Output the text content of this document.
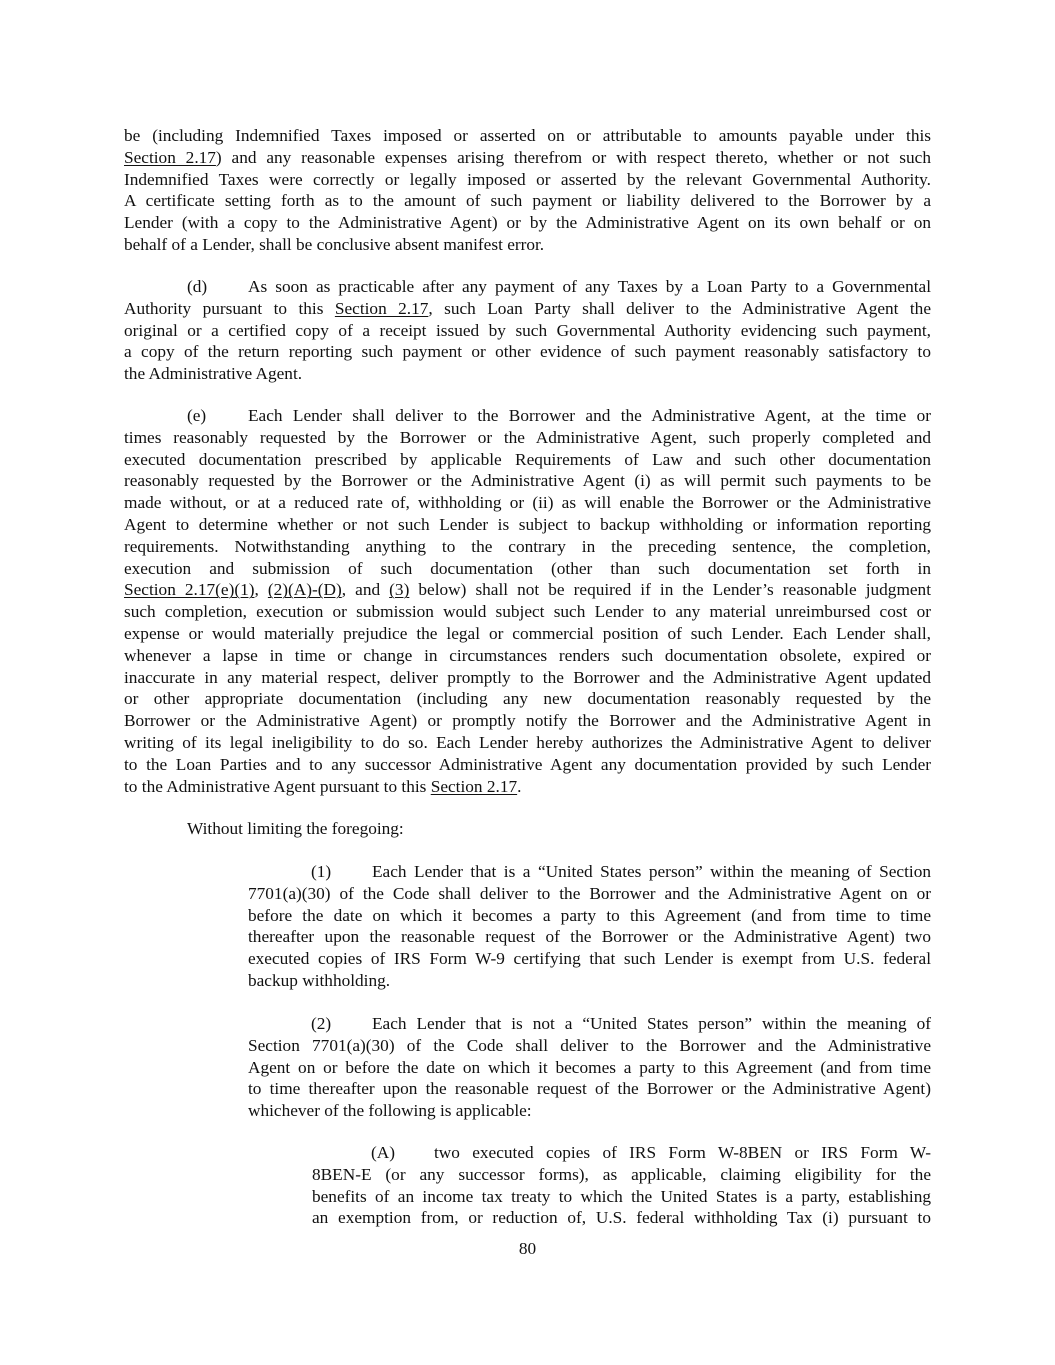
be (including Indemnified Taxes imposed or asserted on or attributable to amounts payable under this
Section 2.17) and any reasonable expenses arising therefrom or with respect thereto, whether or not such
Indemnified Taxes were correctly or legally imposed or asserted by the relevant Governmental Authority.
A certificate setting forth as to the amount of such payment or liability delivered to the Borrower by a
Lender (with a copy to the Administrative Agent) or by the Administrative Agent on its own behalf or on
behalf of a Lender, shall be conclusive absent manifest error.
(d) As soon as practicable after any payment of any Taxes by a Loan Party to a Governmental
Authority pursuant to this Section 2.17, such Loan Party shall deliver to the Administrative Agent the
original or a certified copy of a receipt issued by such Governmental Authority evidencing such payment,
a copy of the return reporting such payment or other evidence of such payment reasonably satisfactory to
the Administrative Agent.
(e) Each Lender shall deliver to the Borrower and the Administrative Agent, at the time or
times reasonably requested by the Borrower or the Administrative Agent, such properly completed and
executed documentation prescribed by applicable Requirements of Law and such other documentation
reasonably requested by the Borrower or the Administrative Agent (i) as will permit such payments to be
made without, or at a reduced rate of, withholding or (ii) as will enable the Borrower or the Administrative
Agent to determine whether or not such Lender is subject to backup withholding or information reporting
requirements. Notwithstanding anything to the contrary in the preceding sentence, the completion,
execution and submission of such documentation (other than such documentation set forth in
Section 2.17(e)(1), (2)(A)-(D), and (3) below) shall not be required if in the Lender’s reasonable judgment
such completion, execution or submission would subject such Lender to any material unreimbursed cost or
expense or would materially prejudice the legal or commercial position of such Lender. Each Lender shall,
whenever a lapse in time or change in circumstances renders such documentation obsolete, expired or
inaccurate in any material respect, deliver promptly to the Borrower and the Administrative Agent updated
or other appropriate documentation (including any new documentation reasonably requested by the
Borrower or the Administrative Agent) or promptly notify the Borrower and the Administrative Agent in
writing of its legal ineligibility to do so. Each Lender hereby authorizes the Administrative Agent to deliver
to the Loan Parties and to any successor Administrative Agent any documentation provided by such Lender
to the Administrative Agent pursuant to this Section 2.17.
Without limiting the foregoing:
(1) Each Lender that is a “United States person” within the meaning of Section
7701(a)(30) of the Code shall deliver to the Borrower and the Administrative Agent on or
before the date on which it becomes a party to this Agreement (and from time to time
thereafter upon the reasonable request of the Borrower or the Administrative Agent) two
executed copies of IRS Form W-9 certifying that such Lender is exempt from U.S. federal
backup withholding.
(2) Each Lender that is not a “United States person” within the meaning of
Section 7701(a)(30) of the Code shall deliver to the Borrower and the Administrative
Agent on or before the date on which it becomes a party to this Agreement (and from time
to time thereafter upon the reasonable request of the Borrower or the Administrative Agent)
whichever of the following is applicable:
(A) two executed copies of IRS Form W-8BEN or IRS Form W-
8BEN-E (or any successor forms), as applicable, claiming eligibility for the
benefits of an income tax treaty to which the United States is a party, establishing
an exemption from, or reduction of, U.S. federal withholding Tax (i) pursuant to
80
